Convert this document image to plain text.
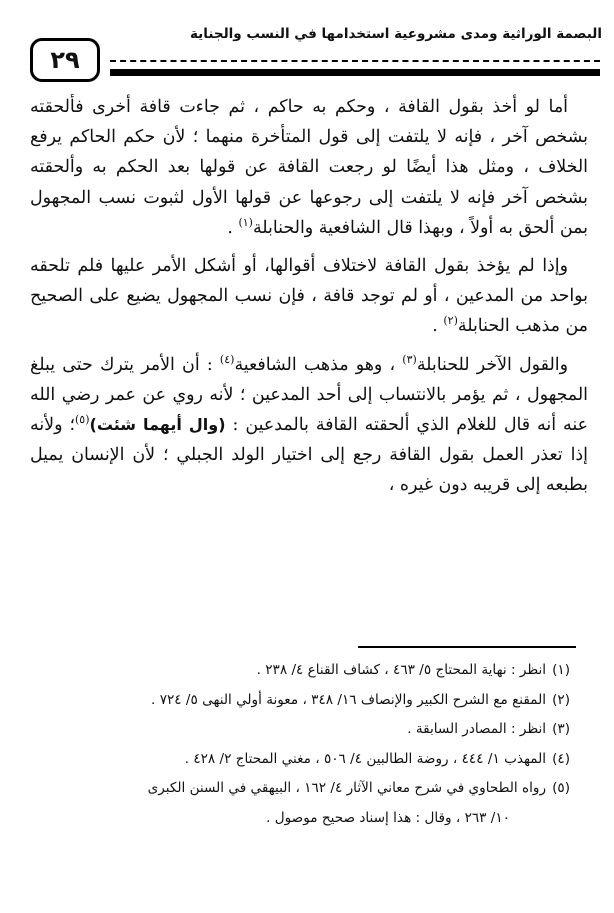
٢٩
البصمة الوراثية ومدى مشروعية استخدامها في النسب والجناية

أما لو أخذ بقول القافة ، وحكم به حاكم ، ثم جاءت قافة أخرى فألحقته بشخص آخر ، فإنه لا يلتفت إلى قول المتأخرة منهما ؛ لأن حكم الحاكم يرفع الخلاف ، ومثل هذا أيضًا لو رجعت القافة عن قولها بعد الحكم به وألحقته بشخص آخر فإنه لا يلتفت إلى رجوعها عن قولها الأول لثبوت نسب المجهول بمن ألحق به أولاً ، وبهذا قال الشافعية والحنابلة$^{(١)}$ .

وإذا لم يؤخذ بقول القافة لاختلاف أقوالها، أو أشكل الأمر عليها فلم تلحقه بواحد من المدعين ، أو لم توجد قافة ، فإن نسب المجهول يضيع على الصحيح من مذهب الحنابلة$^{(٢)}$ .

والقول الآخر للحنابلة$^{(٣)}$ ، وهو مذهب الشافعية$^{(٤)}$ : أن الأمر يترك حتى يبلغ المجهول ، ثم يؤمر بالانتساب إلى أحد المدعين ؛ لأنه روي عن عمر رضي الله عنه أنه قال للغلام الذي ألحقته القافة بالمدعين : (وال أيهما شئت)$^{(٥)}$؛ ولأنه إذا تعذر العمل بقول القافة رجع إلى اختيار الولد الجبلي ؛ لأن الإنسان يميل بطبعه إلى قريبه دون غيره ،

(١)انظر : نهاية المحتاج ٥/ ٤٦٣ ، كشاف القناع ٤/ ٢٣٨ .

(٢)المقنع مع الشرح الكبير والإنصاف ١٦/ ٣٤٨ ، معونة أولي النهى ٥/ ٧٢٤ .

(٣)انظر : المصادر السابقة .

(٤)المهذب ١/ ٤٤٤ ، روضة الطالبين ٤/ ٥٠٦ ، مغني المحتاج ٢/ ٤٢٨ .

(٥)رواه الطحاوي في شرح معاني الآثار ٤/ ١٦٢ ، البيهقي في السنن الكبرى

١٠/ ٢٦٣ ، وقال : هذا إسناد صحيح موصول .
